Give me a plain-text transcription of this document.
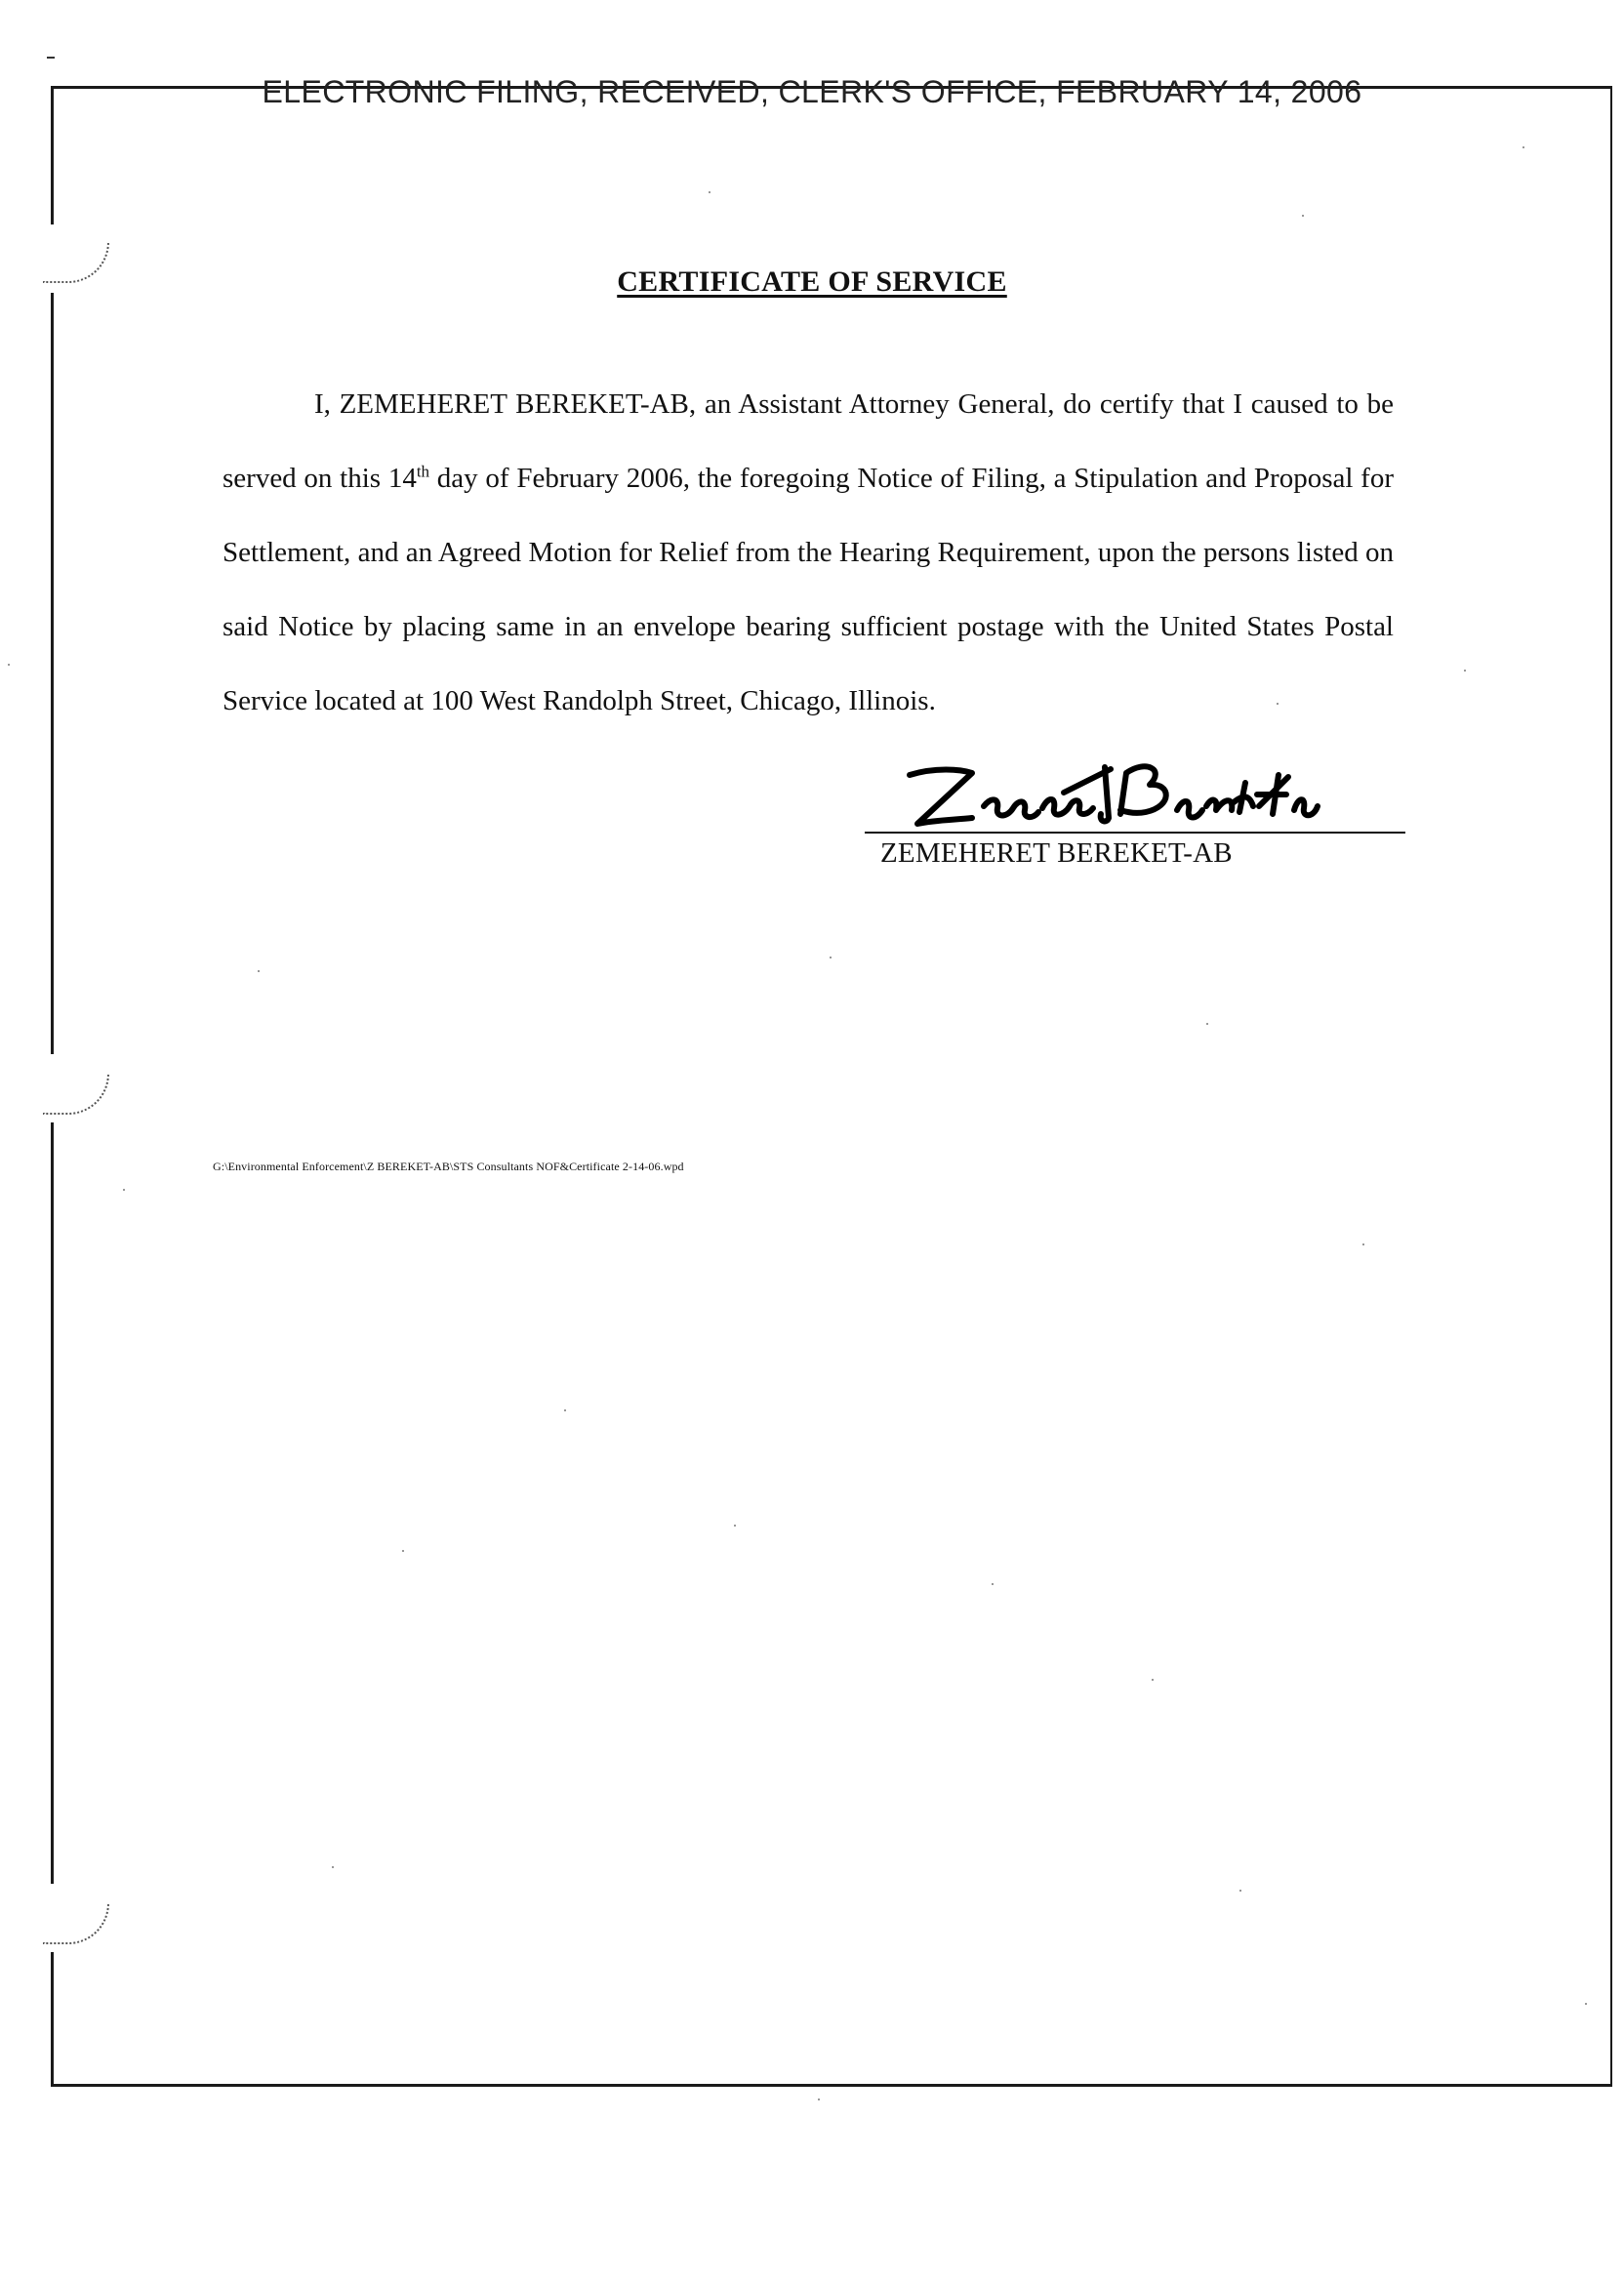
ELECTRONIC FILING, RECEIVED, CLERK'S OFFICE, FEBRUARY 14, 2006
CERTIFICATE OF SERVICE

I, ZEMEHERET BEREKET-AB, an Assistant Attorney General, do certify that I caused to be served on this 14th day of February 2006, the foregoing Notice of Filing, a Stipulation and Proposal for Settlement, and an Agreed Motion for Relief from the Hearing Requirement, upon the persons listed on said Notice by placing same in an envelope bearing sufficient postage with the United States Postal Service located at 100 West Randolph Street, Chicago, Illinois.

ZEMEHERET BEREKET-AB
G:\Environmental Enforcement\Z BEREKET-AB\STS Consultants NOF&Certificate 2-14-06.wpd
